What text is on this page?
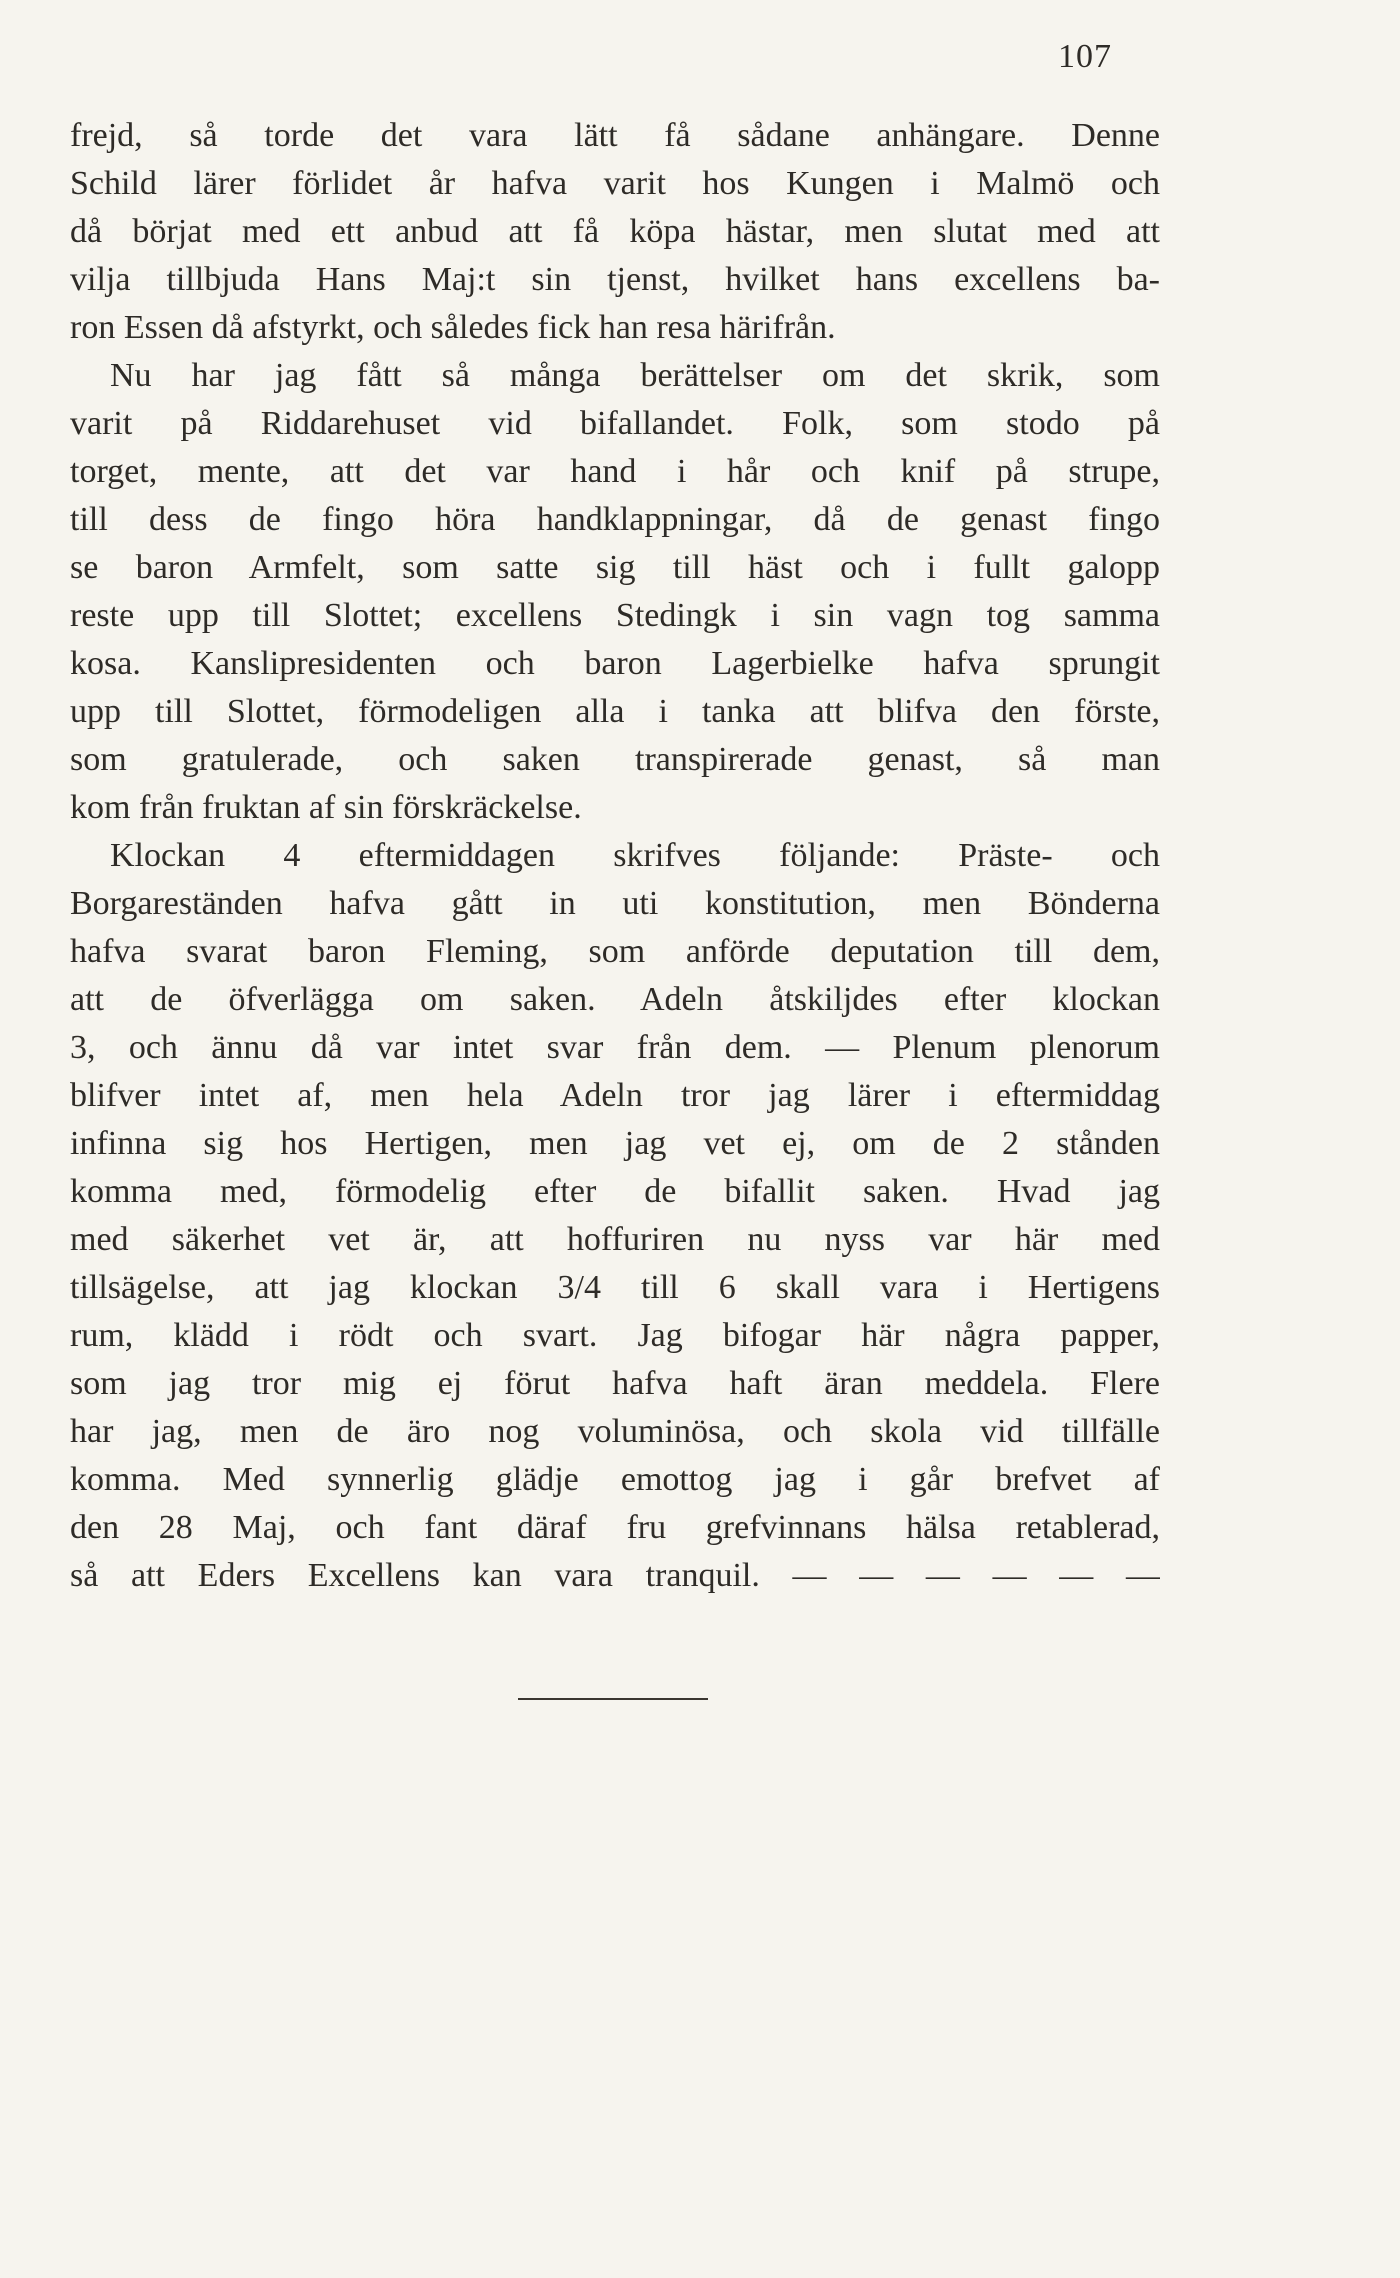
107
frejd, så torde det vara lätt få sådane anhängare. Denne
Schild lärer förlidet år hafva varit hos Kungen i Malmö och
då börjat med ett anbud att få köpa hästar, men slutat med att
vilja tillbjuda Hans Maj:t sin tjenst, hvilket hans excellens ba-
ron Essen då afstyrkt, och således fick han resa härifrån.
Nu har jag fått så många berättelser om det skrik, som
varit på Riddarehuset vid bifallandet. Folk, som stodo på
torget, mente, att det var hand i hår och knif på strupe,
till dess de fingo höra handklappningar, då de genast fingo
se baron Armfelt, som satte sig till häst och i fullt galopp
reste upp till Slottet; excellens Stedingk i sin vagn tog samma
kosa. Kanslipresidenten och baron Lagerbielke hafva sprungit
upp till Slottet, förmodeligen alla i tanka att blifva den förste,
som gratulerade, och saken transpirerade genast, så man
kom från fruktan af sin förskräckelse.
Klockan 4 eftermiddagen skrifves följande: Präste- och
Borgareständen hafva gått in uti konstitution, men Bönderna
hafva svarat baron Fleming, som anförde deputation till dem,
att de öfverlägga om saken. Adeln åtskiljdes efter klockan
3, och ännu då var intet svar från dem. — Plenum plenorum
blifver intet af, men hela Adeln tror jag lärer i eftermiddag
infinna sig hos Hertigen, men jag vet ej, om de 2 stånden
komma med, förmodelig efter de bifallit saken. Hvad jag
med säkerhet vet är, att hoffuriren nu nyss var här med
tillsägelse, att jag klockan 3/4 till 6 skall vara i Hertigens
rum, klädd i rödt och svart. Jag bifogar här några papper,
som jag tror mig ej förut hafva haft äran meddela. Flere
har jag, men de äro nog voluminösa, och skola vid tillfälle
komma. Med synnerlig glädje emottog jag i går brefvet af
den 28 Maj, och fant däraf fru grefvinnans hälsa retablerad,
så att Eders Excellens kan vara tranquil. — — — — — —
